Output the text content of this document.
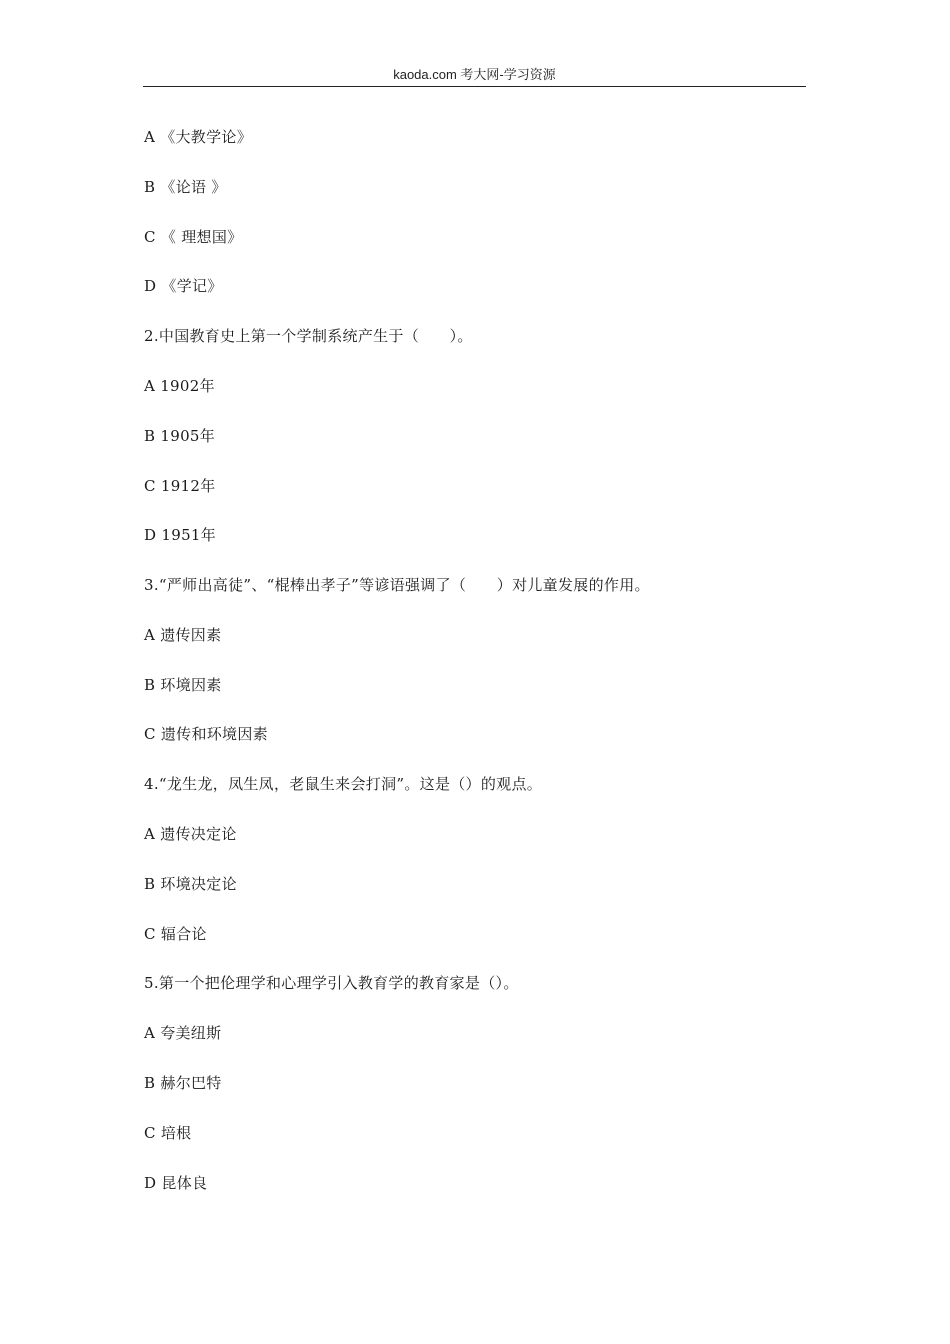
kaoda.com 考大网-学习资源
A 《大教学论》
B 《论语 》
C 《 理想国》
D 《学记》
2.中国教育史上第一个学制系统产生于（　　）。
A 1902年
B 1905年
C 1912年
D 1951年
3.“严师出高徒”、“棍棒出孝子”等谚语强调了（　　）对儿童发展的作用。
A 遗传因素
B 环境因素
C 遗传和环境因素
4.“龙生龙，凤生凤，老鼠生来会打洞”。这是（）的观点。
A 遗传决定论
B 环境决定论
C 辐合论
5.第一个把伦理学和心理学引入教育学的教育家是（）。
A 夸美纽斯
B 赫尔巴特
C 培根
D 昆体良
